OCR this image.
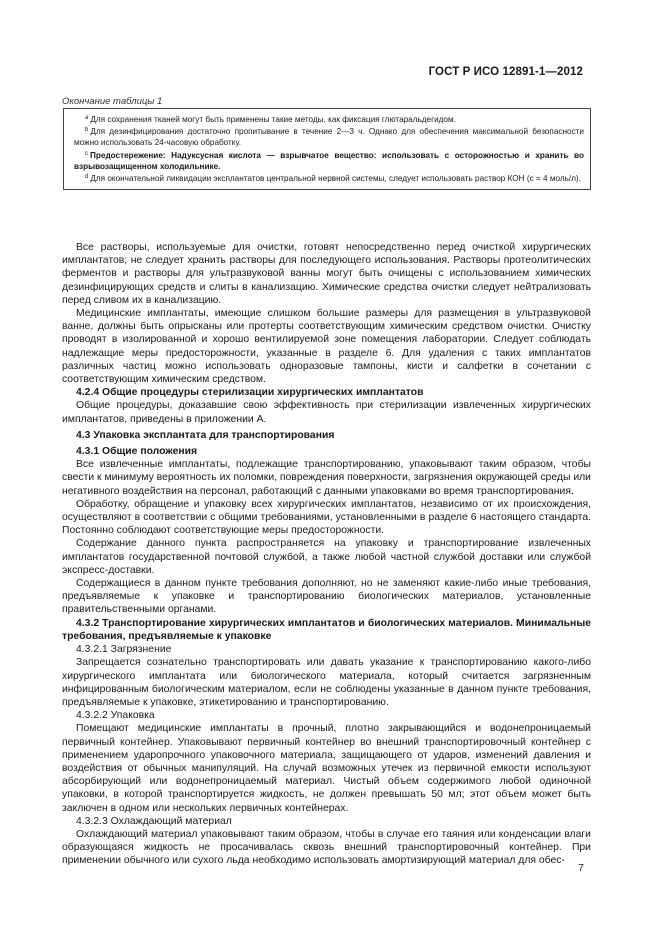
ГОСТ Р ИСО 12891-1—2012
Окончание таблицы 1

$^a$ Для сохранения тканей могут быть применены такие методы, как фиксация глютаральдегидом.

$^b$ Для дезинфицирования достаточно пропитывание в течение 2—3 ч. Однако для обеспечения максимальной безопасности можно использовать 24-часовую обработку.

$^c$ Предостережение: Надуксусная кислота — взрывчатое вещество: использовать с осторожностью и хранить во взрывозащищенном холодильнике.

$^d$ Для окончательной ликвидации эксплантатов центральной нервной системы, следует использовать раствор КОН (с = 4 моль/л).

Все растворы, используемые для очистки, готовят непосредственно перед очисткой хирургических имплантатов; не следует хранить растворы для последующего использования. Растворы протеолитических ферментов и растворы для ультразвуковой ванны могут быть очищены с использованием химических дезинфицирующих средств и слиты в канализацию. Химические средства очистки следует нейтрализовать перед сливом их в канализацию.

Медицинские имплантаты, имеющие слишком большие размеры для размещения в ультразвуковой ванне, должны быть опрысканы или протерты соответствующим химическим средством очистки. Очистку проводят в изолированной и хорошо вентилируемой зоне помещения лаборатории. Следует соблюдать надлежащие меры предосторожности, указанные в разделе 6. Для удаления с таких имплантатов различных частиц можно использовать одноразовые тампоны, кисти и салфетки в сочетании с соответствующим химическим средством.

4.2.4 Общие процедуры стерилизации хирургических имплантатов

Общие процедуры, доказавшие свою эффективность при стерилизации извлеченных хирургических имплантатов, приведены в приложении А.

4.3 Упаковка эксплантата для транспортирования

4.3.1 Общие положения

Все извлеченные имплантаты, подлежащие транспортированию, упаковывают таким образом, чтобы свести к минимуму вероятность их поломки, повреждения поверхности, загрязнения окружающей среды или негативного воздействия на персонал, работающий с данными упаковками во время транспортирования.

Обработку, обращение и упаковку всех хирургических имплантатов, независимо от их происхождения, осуществляют в соответствии с общими требованиями, установленными в разделе 6 настоящего стандарта. Постоянно соблюдают соответствующие меры предосторожности.

Содержание данного пункта распространяется на упаковку и транспортирование извлеченных имплантатов государственной почтовой службой, а также любой частной службой доставки или службой экспресс-доставки.

Содержащиеся в данном пункте требования дополняют, но не заменяют какие-либо иные требования, предъявляемые к упаковке и транспортированию биологических материалов, установленные правительственными органами.

4.3.2 Транспортирование хирургических имплантатов и биологических материалов. Минимальные требования, предъявляемые к упаковке

4.3.2.1 Загрязнение

Запрещается сознательно транспортировать или давать указание к транспортированию какого-либо хирургического имплантата или биологического материала, который считается загрязненным инфицированным биологическим материалом, если не соблюдены указанные в данном пункте требования, предъявляемые к упаковке, этикетированию и транспортированию.

4.3.2.2 Упаковка

Помещают медицинские имплантаты в прочный, плотно закрывающийся и водонепроницаемый первичный контейнер. Упаковывают первичный контейнер во внешний транспортировочный контейнер с применением ударопрочного упаковочного материала, защищающего от ударов, изменений давления и воздействия от обычных манипуляций. На случай возможных утечек из первичной емкости используют абсорбирующий или водонепроницаемый материал. Чистый объем содержимого любой одиночной упаковки, в которой транспортируется жидкость, не должен превышать 50 мл; этот объем может быть заключен в одном или нескольких первичных контейнерах.

4.3.2.3 Охлаждающий материал

Охлаждающий материал упаковывают таким образом, чтобы в случае его таяния или конденсации влаги образующаяся жидкость не просачивалась сквозь внешний транспортировочный контейнер. При применении обычного или сухого льда необходимо использовать амортизирующий материал для обес-

7
